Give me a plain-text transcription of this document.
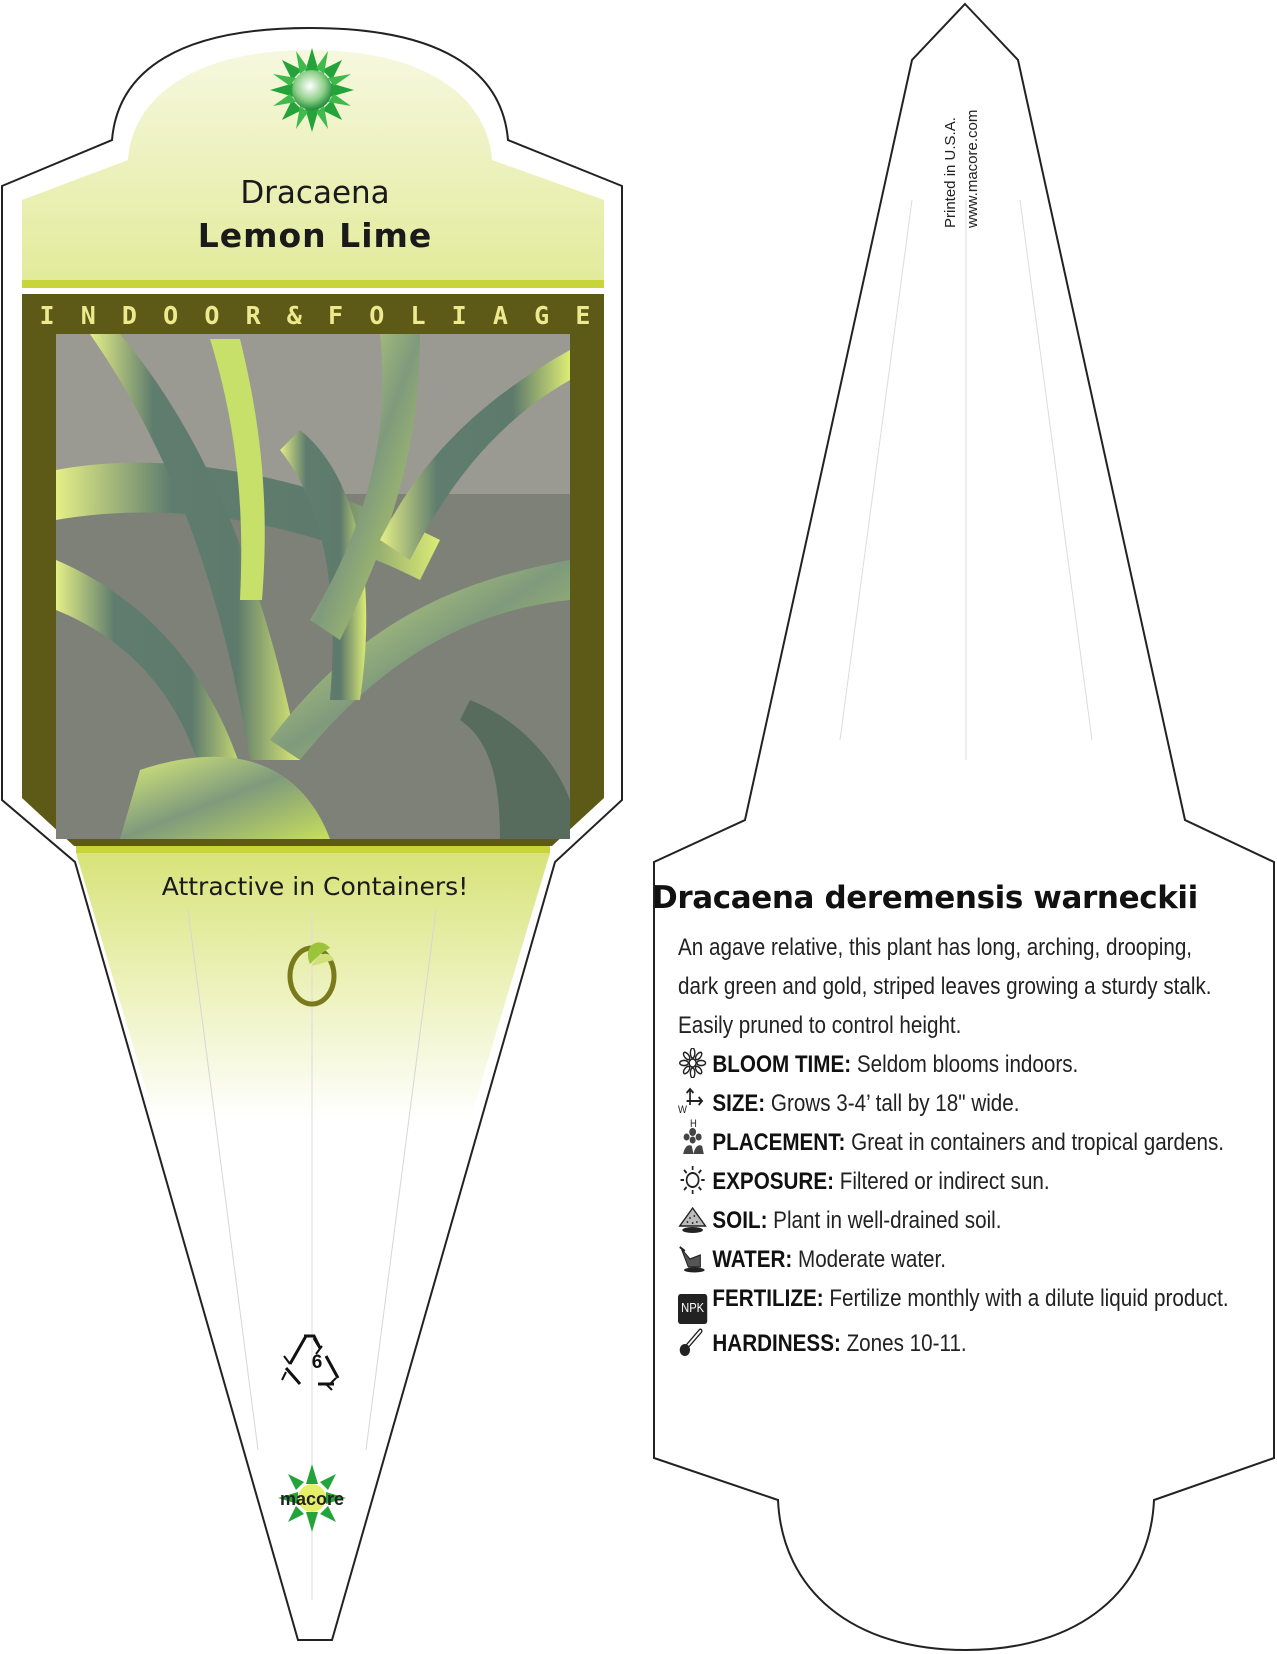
Dracaena
Lemon Lime
I N D O O R & F O L I A G E
Attractive in Containers!
6
macore
Printed in U.S.A. www.macore.com
Dracaena deremensis warneckii
An agave relative, this plant has long, arching, drooping, dark green and gold, striped leaves growing a sturdy stalk. Easily pruned to control height.
BLOOM TIME: Seldom blooms indoors.
W
H
SIZE: Grows 3-4’ tall by 18" wide.
PLACEMENT: Great in containers and tropical gardens.
EXPOSURE: Filtered or indirect sun.
SOIL: Plant in well-drained soil.
WATER: Moderate water.
NPK FERTILIZE: Fertilize monthly with a dilute liquid product.
HARDINESS: Zones 10-11.
